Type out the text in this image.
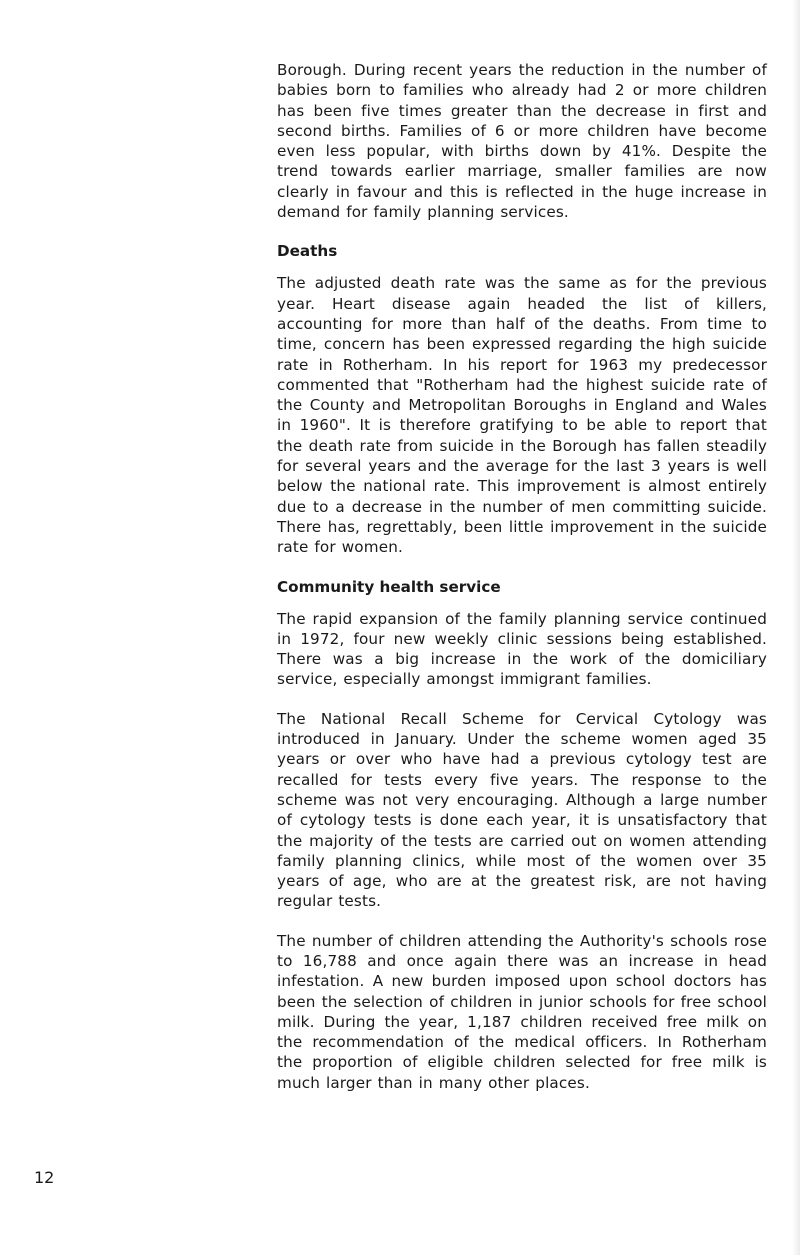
Borough. During recent years the reduction in the number of babies born to families who already had 2 or more children has been five times greater than the decrease in first and second births. Families of 6 or more children have become even less popular, with births down by 41%. Despite the trend towards earlier marriage, smaller families are now clearly in favour and this is reflected in the huge increase in demand for family planning services.

Deaths

The adjusted death rate was the same as for the previous year. Heart disease again headed the list of killers, accounting for more than half of the deaths. From time to time, concern has been expressed regarding the high suicide rate in Rotherham. In his report for 1963 my predecessor commented that "Rotherham had the highest suicide rate of the County and Metropolitan Boroughs in England and Wales in 1960". It is therefore gratifying to be able to report that the death rate from suicide in the Borough has fallen steadily for several years and the average for the last 3 years is well below the national rate. This improvement is almost entirely due to a decrease in the number of men committing suicide. There has, regrettably, been little improvement in the suicide rate for women.

Community health service

The rapid expansion of the family planning service continued in 1972, four new weekly clinic sessions being established. There was a big increase in the work of the domiciliary service, especially amongst immigrant families.

The National Recall Scheme for Cervical Cytology was introduced in January. Under the scheme women aged 35 years or over who have had a previous cytology test are recalled for tests every five years. The response to the scheme was not very encouraging. Although a large number of cytology tests is done each year, it is unsatisfactory that the majority of the tests are carried out on women attending family planning clinics, while most of the women over 35 years of age, who are at the greatest risk, are not having regular tests.

The number of children attending the Authority's schools rose to 16,788 and once again there was an increase in head infestation. A new burden imposed upon school doctors has been the selection of children in junior schools for free school milk. During the year, 1,187 children received free milk on the recommendation of the medical officers. In Rotherham the proportion of eligible children selected for free milk is much larger than in many other places.

12
